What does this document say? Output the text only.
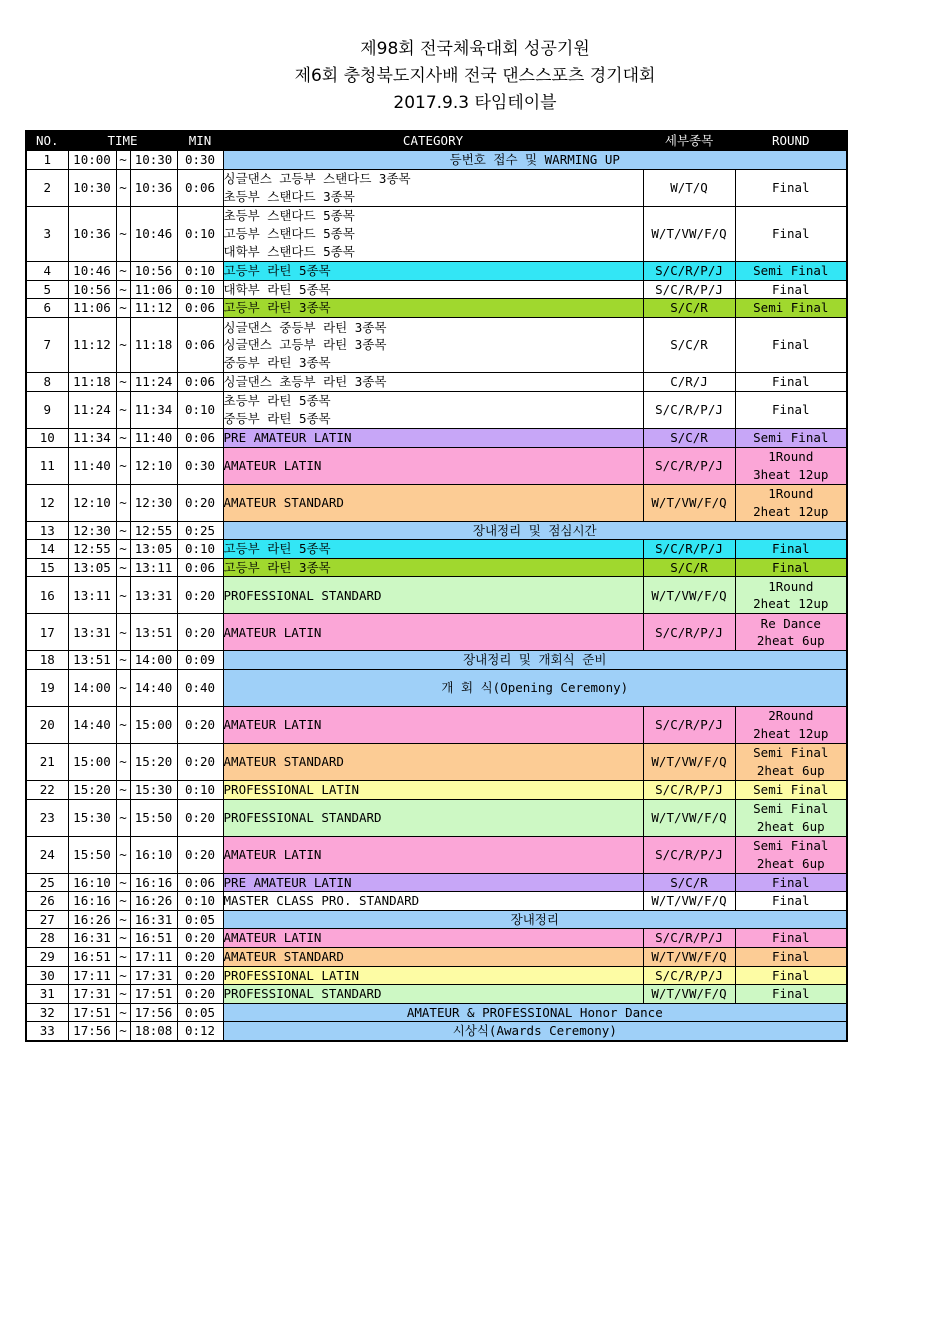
제98회 전국체육대회 성공기원
제6회 충청북도지사배 전국 댄스스포츠 경기대회
2017.9.3 타임테이블
NO.	TIME			MIN	CATEGORY	세부종목	ROUND
1	10:00	~	10:30	0:30	등번호 접수 및 WARMING UP		
2	10:30	~	10:36	0:06	싱글댄스 고등부 스탠다드 3종목
초등부 스탠다드 3종목	W/T/Q	Final

3	10:36	~	10:46	0:10	초등부 스탠다드 5종목
고등부 스탠다드 5종목
대학부 스탠다드 5종목	W/T/VW/F/Q	Final

4	10:46	~	10:56	0:10	고등부 라틴 5종목	S/C/R/P/J	Semi Final

5	10:56	~	11:06	0:10	대학부 라틴 5종목	S/C/R/P/J	Final

6	11:06	~	11:12	0:06	고등부 라틴 3종목	S/C/R	Semi Final

7	11:12	~	11:18	0:06	싱글댄스 중등부 라틴 3종목
싱글댄스 고등부 라틴 3종목
중등부 라틴 3종목	S/C/R	Final

8	11:18	~	11:24	0:06	싱글댄스 초등부 라틴 3종목	C/R/J	Final

9	11:24	~	11:34	0:10	초등부 라틴 5종목
중등부 라틴 5종목	S/C/R/P/J	Final

10	11:34	~	11:40	0:06	PRE AMATEUR LATIN	S/C/R	Semi Final

11	11:40	~	12:10	0:30	AMATEUR LATIN	S/C/R/P/J	1Round
3heat 12up

12	12:10	~	12:30	0:20	AMATEUR STANDARD	W/T/VW/F/Q	1Round
2heat 12up

13	12:30	~	12:55	0:25	장내정리 및 점심시간		
14	12:55	~	13:05	0:10	고등부 라틴 5종목	S/C/R/P/J	Final

15	13:05	~	13:11	0:06	고등부 라틴 3종목	S/C/R	Final

16	13:11	~	13:31	0:20	PROFESSIONAL STANDARD	W/T/VW/F/Q	1Round
2heat 12up

17	13:31	~	13:51	0:20	AMATEUR LATIN	S/C/R/P/J	Re Dance
2heat 6up

18	13:51	~	14:00	0:09	장내정리 및 개회식 준비		
19	14:00	~	14:40	0:40	개 회 식(Opening Ceremony)		
20	14:40	~	15:00	0:20	AMATEUR LATIN	S/C/R/P/J	2Round
2heat 12up

21	15:00	~	15:20	0:20	AMATEUR STANDARD	W/T/VW/F/Q	Semi Final
2heat 6up

22	15:20	~	15:30	0:10	PROFESSIONAL LATIN	S/C/R/P/J	Semi Final

23	15:30	~	15:50	0:20	PROFESSIONAL STANDARD	W/T/VW/F/Q	Semi Final
2heat 6up

24	15:50	~	16:10	0:20	AMATEUR LATIN	S/C/R/P/J	Semi Final
2heat 6up

25	16:10	~	16:16	0:06	PRE AMATEUR LATIN	S/C/R	Final

26	16:16	~	16:26	0:10	MASTER CLASS PRO. STANDARD	W/T/VW/F/Q	Final

27	16:26	~	16:31	0:05	장내정리		
28	16:31	~	16:51	0:20	AMATEUR LATIN	S/C/R/P/J	Final

29	16:51	~	17:11	0:20	AMATEUR STANDARD	W/T/VW/F/Q	Final

30	17:11	~	17:31	0:20	PROFESSIONAL LATIN	S/C/R/P/J	Final

31	17:31	~	17:51	0:20	PROFESSIONAL STANDARD	W/T/VW/F/Q	Final

32	17:51	~	17:56	0:05	AMATEUR & PROFESSIONAL Honor Dance		
33	17:56	~	18:08	0:12	시상식(Awards Ceremony)		
